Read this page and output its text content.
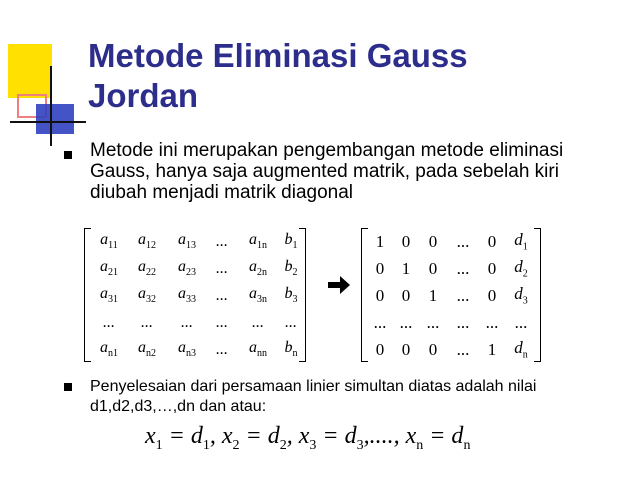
Metode Eliminasi Gauss
Jordan
Metode ini merupakan pengembangan metode eliminasi Gauss, hanya saja augmented matrik, pada sebelah kiri diubah menjadi matrik diagonal
$a_{11}$	$a_{12}$	$a_{13}$	...	$a_{1n}$	$b_1$
$a_{21}$	$a_{22}$	$a_{23}$	...	$a_{2n}$	$b_2$
$a_{31}$	$a_{32}$	$a_{33}$	...	$a_{3n}$	$b_3$
...	...	...	...	...	...
$a_{n1}$	$a_{n2}$	$a_{n3}$	...	$a_{nn}$	$b_n$
1	0	0	...	0	$d_1$
0	1	0	...	0	$d_2$
0	0	1	...	0	$d_3$
...	...	...	...	...	...
0	0	0	...	1	$d_n$
Penyelesaian dari persamaan linier simultan diatas adalah nilai d1,d2,d3,…,dn dan atau:
$x_1 = d_1$, $x_2 = d_2$, $x_3 = d_3$,...., $x_n = d_n$
